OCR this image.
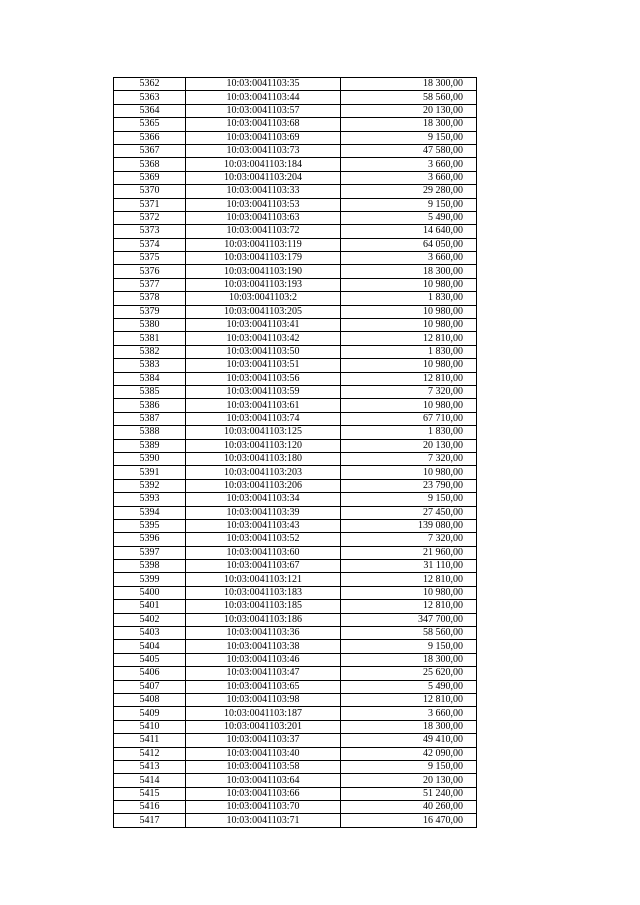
5362	10:03:0041103:35	18 300,00
5363	10:03:0041103:44	58 560,00
5364	10:03:0041103:57	20 130,00
5365	10:03:0041103:68	18 300,00
5366	10:03:0041103:69	9 150,00
5367	10:03:0041103:73	47 580,00
5368	10:03:0041103:184	3 660,00
5369	10:03:0041103:204	3 660,00
5370	10:03:0041103:33	29 280,00
5371	10:03:0041103:53	9 150,00
5372	10:03:0041103:63	5 490,00
5373	10:03:0041103:72	14 640,00
5374	10:03:0041103:119	64 050,00
5375	10:03:0041103:179	3 660,00
5376	10:03:0041103:190	18 300,00
5377	10:03:0041103:193	10 980,00
5378	10:03:0041103:2	1 830,00
5379	10:03:0041103:205	10 980,00
5380	10:03:0041103:41	10 980,00
5381	10:03:0041103:42	12 810,00
5382	10:03:0041103:50	1 830,00
5383	10:03:0041103:51	10 980,00
5384	10:03:0041103:56	12 810,00
5385	10:03:0041103:59	7 320,00
5386	10:03:0041103:61	10 980,00
5387	10:03:0041103:74	67 710,00
5388	10:03:0041103:125	1 830,00
5389	10:03:0041103:120	20 130,00
5390	10:03:0041103:180	7 320,00
5391	10:03:0041103:203	10 980,00
5392	10:03:0041103:206	23 790,00
5393	10:03:0041103:34	9 150,00
5394	10:03:0041103:39	27 450,00
5395	10:03:0041103:43	139 080,00
5396	10:03:0041103:52	7 320,00
5397	10:03:0041103:60	21 960,00
5398	10:03:0041103:67	31 110,00
5399	10:03:0041103:121	12 810,00
5400	10:03:0041103:183	10 980,00
5401	10:03:0041103:185	12 810,00
5402	10:03:0041103:186	347 700,00
5403	10:03:0041103:36	58 560,00
5404	10:03:0041103:38	9 150,00
5405	10:03:0041103:46	18 300,00
5406	10:03:0041103:47	25 620,00
5407	10:03:0041103:65	5 490,00
5408	10:03:0041103:98	12 810,00
5409	10:03:0041103:187	3 660,00
5410	10:03:0041103:201	18 300,00
5411	10:03:0041103:37	49 410,00
5412	10:03:0041103:40	42 090,00
5413	10:03:0041103:58	9 150,00
5414	10:03:0041103:64	20 130,00
5415	10:03:0041103:66	51 240,00
5416	10:03:0041103:70	40 260,00
5417	10:03:0041103:71	16 470,00
